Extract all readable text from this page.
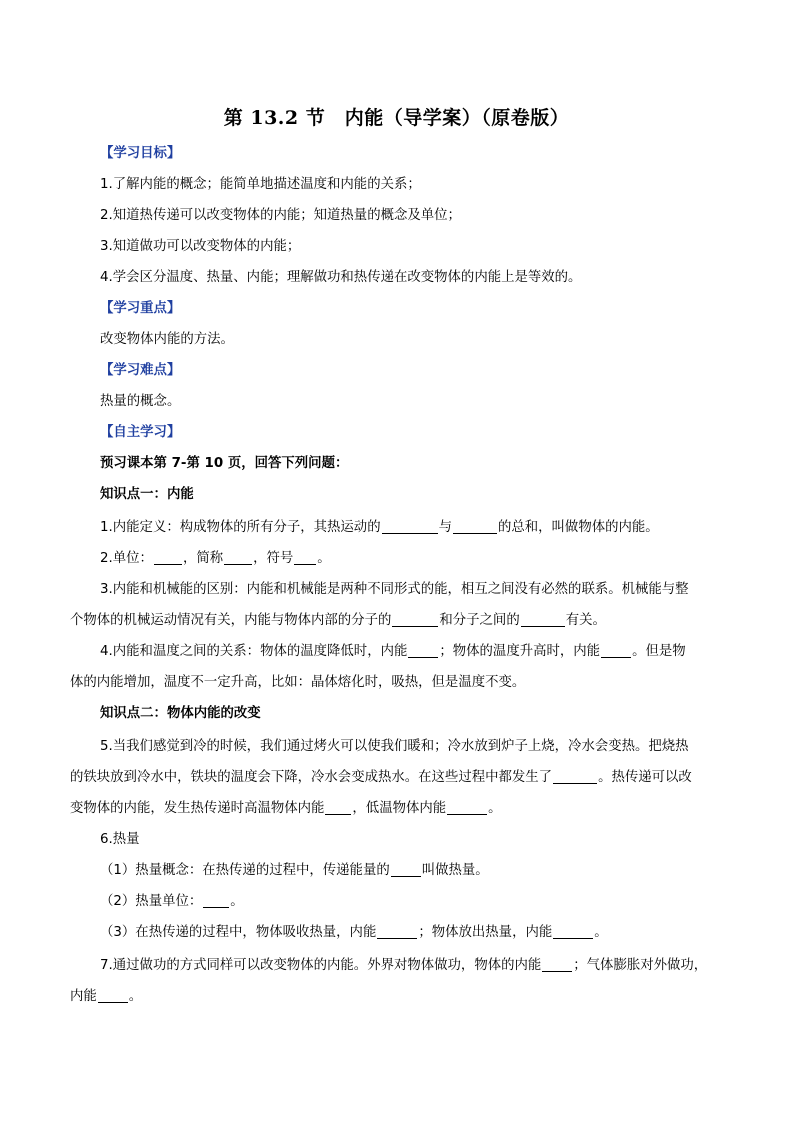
第 13.2 节　内能（导学案）（原卷版）
【学习目标】
1.了解内能的概念；能简单地描述温度和内能的关系；
2.知道热传递可以改变物体的内能；知道热量的概念及单位；
3.知道做功可以改变物体的内能；
4.学会区分温度、热量、内能；理解做功和热传递在改变物体的内能上是等效的。
【学习重点】
改变物体内能的方法。
【学习难点】
热量的概念。
【自主学习】
预习课本第 7-第 10 页，回答下列问题：
知识点一：内能
1.内能定义：构成物体的所有分子，其热运动的	与	的总和，叫做物体的内能。
2.单位： ，简称 ，符号 。
3.内能和机械能的区别：内能和机械能是两种不同形式的能，相互之间没有必然的联系。机械能与整
个物体的机械运动情况有关，内能与物体内部的分子的	和分子之间的	有关。
4.内能和温度之间的关系：物体的温度降低时，内能 ；物体的温度升高时，内能 。但是物
体的内能增加，温度不一定升高，比如：晶体熔化时，吸热，但是温度不变。
知识点二：物体内能的改变
5.当我们感觉到冷的时候，我们通过烤火可以使我们暖和；冷水放到炉子上烧，冷水会变热。把烧热
的铁块放到冷水中，铁块的温度会下降，冷水会变成热水。在这些过程中都发生了	。热传递可以改
变物体的内能，发生热传递时高温物体内能 ，低温物体内能	。
6.热量
（1）热量概念：在热传递的过程中，传递能量的 叫做热量。
（2）热量单位： 。
（3）在热传递的过程中，物体吸收热量，内能	；物体放出热量，内能	。
7.通过做功的方式同样可以改变物体的内能。外界对物体做功，物体的内能 ；气体膨胀对外做功，
内能 。
